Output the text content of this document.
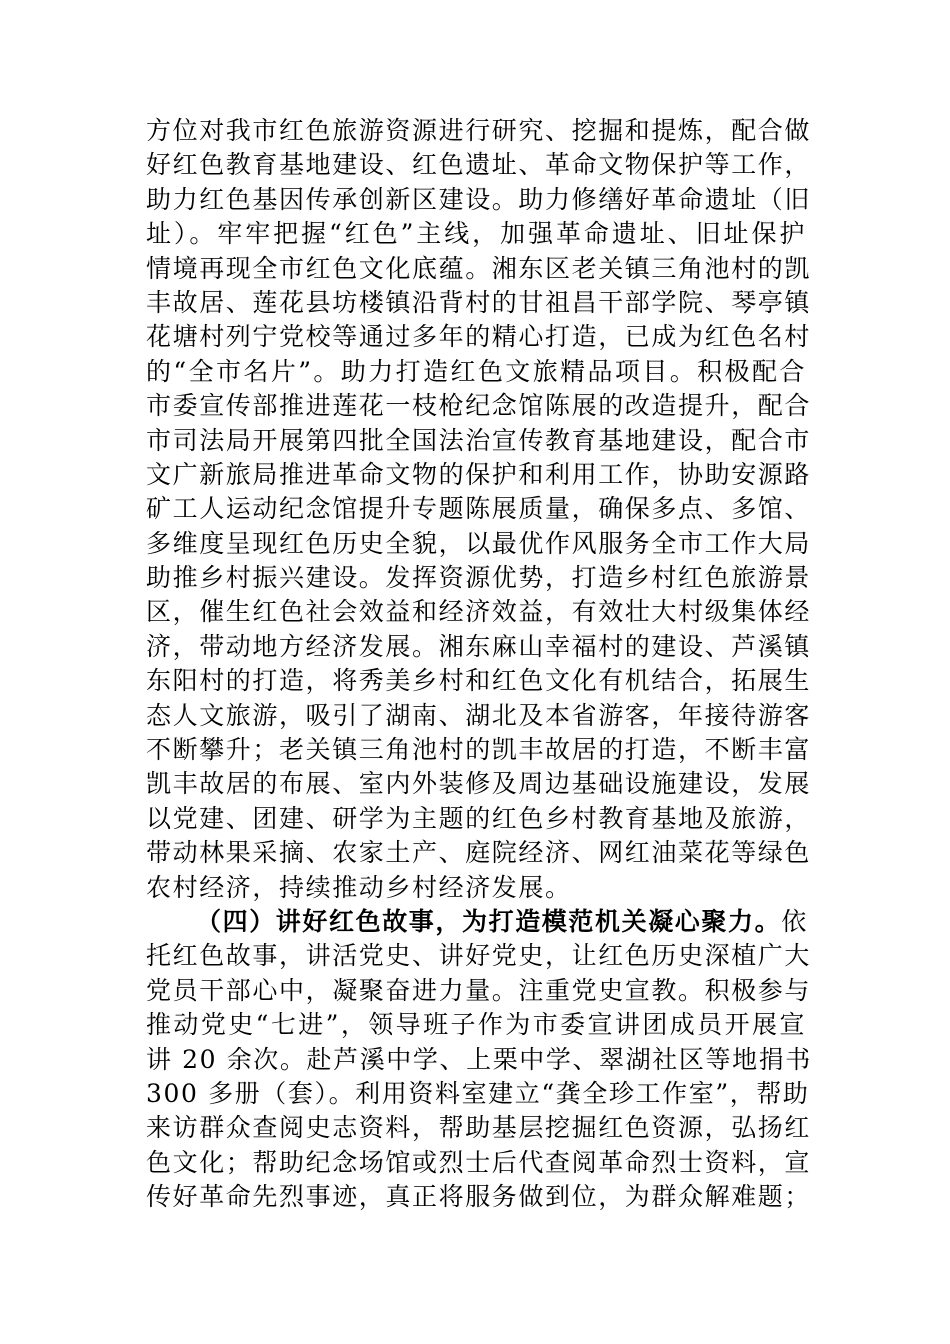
方位对我市红色旅游资源进行研究、挖掘和提炼，配合做
好红色教育基地建设、红色遗址、革命文物保护等工作，
助力红色基因传承创新区建设。助力修缮好革命遗址（旧
址）。牢牢把握“红色”主线，加强革命遗址、旧址保护
情境再现全市红色文化底蕴。湘东区老关镇三角池村的凯
丰故居、莲花县坊楼镇沿背村的甘祖昌干部学院、琴亭镇
花塘村列宁党校等通过多年的精心打造，已成为红色名村
的“全市名片”。助力打造红色文旅精品项目。积极配合
市委宣传部推进莲花一枝枪纪念馆陈展的改造提升，配合
市司法局开展第四批全国法治宣传教育基地建设，配合市
文广新旅局推进革命文物的保护和利用工作，协助安源路
矿工人运动纪念馆提升专题陈展质量，确保多点、多馆、
多维度呈现红色历史全貌，以最优作风服务全市工作大局
助推乡村振兴建设。发挥资源优势，打造乡村红色旅游景
区，催生红色社会效益和经济效益，有效壮大村级集体经
济，带动地方经济发展。湘东麻山幸福村的建设、芦溪镇
东阳村的打造，将秀美乡村和红色文化有机结合，拓展生
态人文旅游，吸引了湖南、湖北及本省游客，年接待游客
不断攀升；老关镇三角池村的凯丰故居的打造，不断丰富
凯丰故居的布展、室内外装修及周边基础设施建设，发展
以党建、团建、研学为主题的红色乡村教育基地及旅游，
带动林果采摘、农家土产、庭院经济、网红油菜花等绿色
农村经济，持续推动乡村经济发展。
（四）讲好红色故事，为打造模范机关凝心聚力。依
托红色故事，讲活党史、讲好党史，让红色历史深植广大
党员干部心中，凝聚奋进力量。注重党史宣教。积极参与
推动党史“七进”，领导班子作为市委宣讲团成员开展宣
讲 20 余次。赴芦溪中学、上栗中学、翠湖社区等地捐书
300 多册（套）。利用资料室建立“龚全珍工作室”，帮助
来访群众查阅史志资料，帮助基层挖掘红色资源，弘扬红
色文化；帮助纪念场馆或烈士后代查阅革命烈士资料，宣
传好革命先烈事迹，真正将服务做到位，为群众解难题；
